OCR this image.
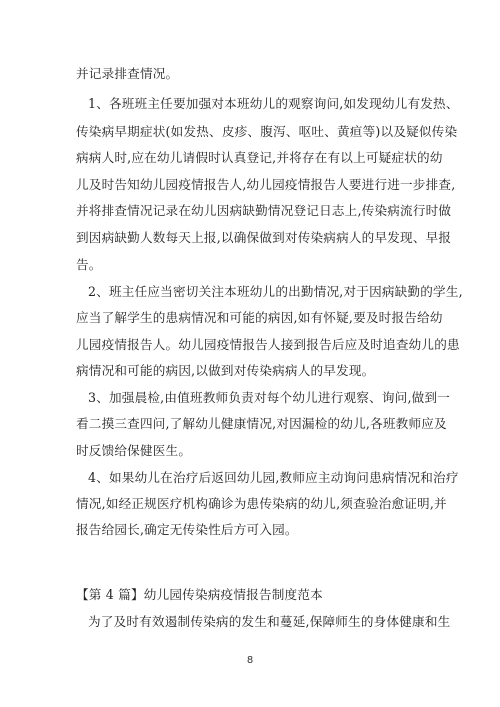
并记录排查情况。
1、各班班主任要加强对本班幼儿的观察询问,如发现幼儿有发热、
传染病早期症状(如发热、皮疹、腹泻、呕吐、黄疸等)以及疑似传染
病病人时,应在幼儿请假时认真登记,并将存在有以上可疑症状的幼
儿及时告知幼儿园疫情报告人,幼儿园疫情报告人要进行进一步排查,
并将排查情况记录在幼儿因病缺勤情况登记日志上,传染病流行时做
到因病缺勤人数每天上报,以确保做到对传染病病人的早发现、早报
告。
2、班主任应当密切关注本班幼儿的出勤情况,对于因病缺勤的学生,
应当了解学生的患病情况和可能的病因,如有怀疑,要及时报告给幼
儿园疫情报告人。幼儿园疫情报告人接到报告后应及时追查幼儿的患
病情况和可能的病因,以做到对传染病病人的早发现。
3、加强晨检,由值班教师负责对每个幼儿进行观察、询问,做到一
看二摸三查四问,了解幼儿健康情况,对因漏检的幼儿,各班教师应及
时反馈给保健医生。
4、如果幼儿在治疗后返回幼儿园,教师应主动询问患病情况和治疗
情况,如经正规医疗机构确诊为患传染病的幼儿,须查验治愈证明,并
报告给园长,确定无传染性后方可入园。
【第 4 篇】幼儿园传染病疫情报告制度范本
为了及时有效遏制传染病的发生和蔓延,保障师生的身体健康和生
8
